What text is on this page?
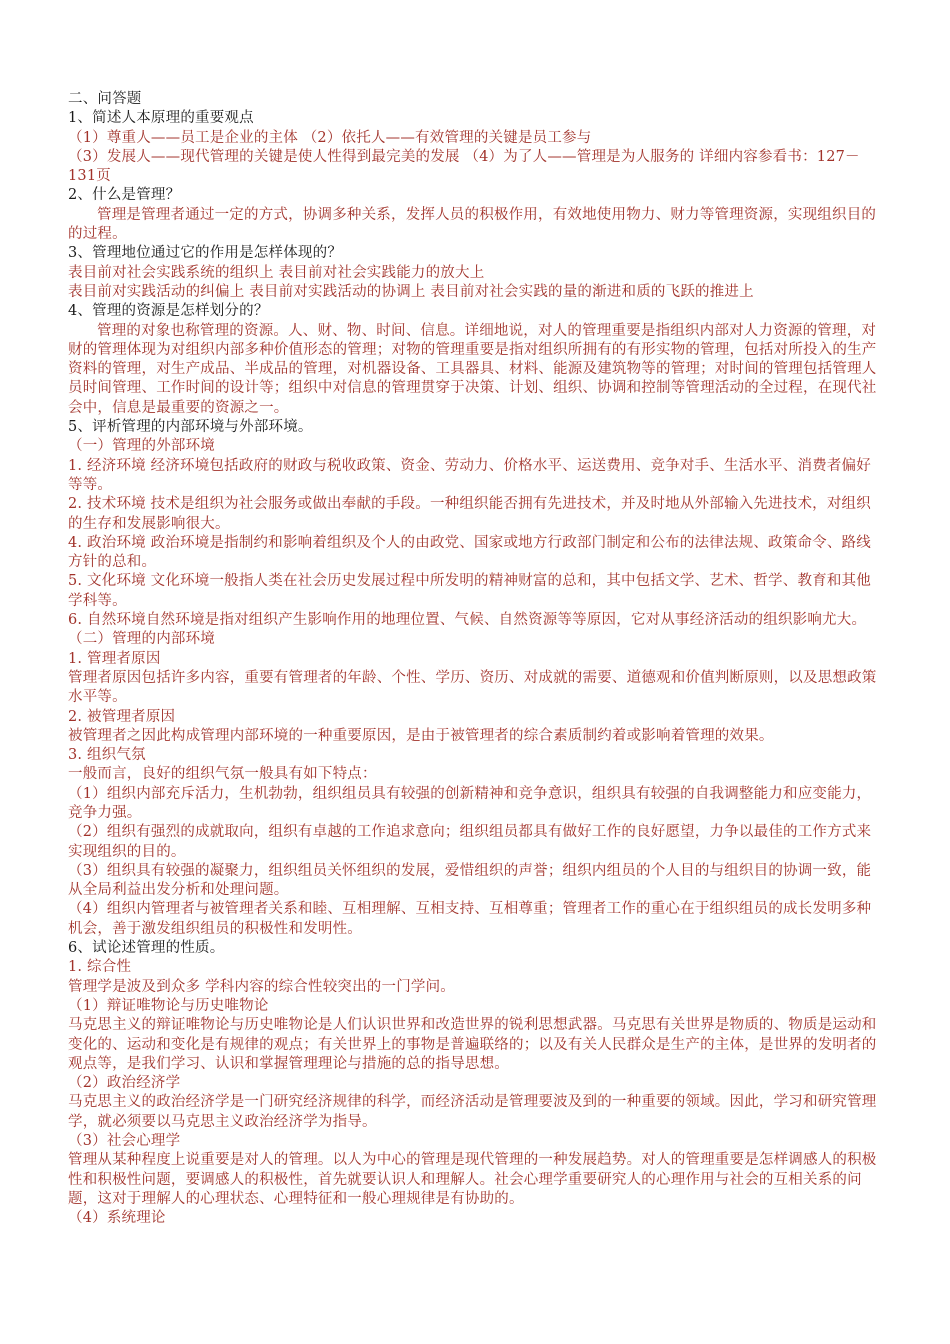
二、问答题
1、简述人本原理的重要观点
（1）尊重人——员工是企业的主体 （2）依托人——有效管理的关键是员工参与
（3）发展人——现代管理的关键是使人性得到最完美的发展 （4）为了人——管理是为人服务的 详细内容参看书：127－131页
2、什么是管理？
管理是管理者通过一定的方式，协调多种关系，发挥人员的积极作用，有效地使用物力、财力等管理资源，实现组织目的的过程。
3、管理地位通过它的作用是怎样体现的？
表目前对社会实践系统的组织上 表目前对社会实践能力的放大上
表目前对实践活动的纠偏上 表目前对实践活动的协调上 表目前对社会实践的量的渐进和质的飞跃的推进上
4、管理的资源是怎样划分的？
管理的对象也称管理的资源。人、财、物、时间、信息。详细地说，对人的管理重要是指组织内部对人力资源的管理，对财的管理体现为对组织内部多种价值形态的管理；对物的管理重要是指对组织所拥有的有形实物的管理，包括对所投入的生产资料的管理，对生产成品、半成品的管理，对机器设备、工具器具、材料、能源及建筑物等的管理；对时间的管理包括管理人员时间管理、工作时间的设计等；组织中对信息的管理贯穿于决策、计划、组织、协调和控制等管理活动的全过程，在现代社会中，信息是最重要的资源之一。
5、评析管理的内部环境与外部环境。
（一）管理的外部环境
1. 经济环境 经济环境包括政府的财政与税收政策、资金、劳动力、价格水平、运送费用、竞争对手、生活水平、消费者偏好等等。
2. 技术环境 技术是组织为社会服务或做出奉献的手段。一种组织能否拥有先进技术，并及时地从外部输入先进技术，对组织的生存和发展影响很大。
4. 政治环境 政治环境是指制约和影响着组织及个人的由政党、国家或地方行政部门制定和公布的法律法规、政策命令、路线方针的总和。
5. 文化环境 文化环境一般指人类在社会历史发展过程中所发明的精神财富的总和，其中包括文学、艺术、哲学、教育和其他学科等。
6. 自然环境自然环境是指对组织产生影响作用的地理位置、气候、自然资源等等原因，它对从事经济活动的组织影响尤大。
（二）管理的内部环境
1. 管理者原因
管理者原因包括许多内容，重要有管理者的年龄、个性、学历、资历、对成就的需要、道德观和价值判断原则，以及思想政策水平等。
2. 被管理者原因
被管理者之因此构成管理内部环境的一种重要原因，是由于被管理者的综合素质制约着或影响着管理的效果。
3. 组织气氛
一般而言，良好的组织气氛一般具有如下特点：
（1）组织内部充斥活力，生机勃勃，组织组员具有较强的创新精神和竞争意识，组织具有较强的自我调整能力和应变能力，竞争力强。
（2）组织有强烈的成就取向，组织有卓越的工作追求意向；组织组员都具有做好工作的良好愿望，力争以最佳的工作方式来实现组织的目的。
（3）组织具有较强的凝聚力，组织组员关怀组织的发展，爱惜组织的声誉；组织内组员的个人目的与组织目的协调一致，能从全局利益出发分析和处理问题。
（4）组织内管理者与被管理者关系和睦、互相理解、互相支持、互相尊重；管理者工作的重心在于组织组员的成长发明多种机会，善于激发组织组员的积极性和发明性。
6、试论述管理的性质。
1. 综合性
管理学是波及到众多 学科内容的综合性较突出的一门学问。
（1）辩证唯物论与历史唯物论
马克思主义的辩证唯物论与历史唯物论是人们认识世界和改造世界的锐利思想武器。马克思有关世界是物质的、物质是运动和变化的、运动和变化是有规律的观点；有关世界上的事物是普遍联络的；以及有关人民群众是生产的主体，是世界的发明者的观点等，是我们学习、认识和掌握管理理论与措施的总的指导思想。
（2）政治经济学
马克思主义的政治经济学是一门研究经济规律的科学，而经济活动是管理要波及到的一种重要的领域。因此，学习和研究管理学，就必须要以马克思主义政治经济学为指导。
（3）社会心理学
管理从某种程度上说重要是对人的管理。以人为中心的管理是现代管理的一种发展趋势。对人的管理重要是怎样调感人的积极性和积极性问题，要调感人的积极性，首先就要认识人和理解人。社会心理学重要研究人的心理作用与社会的互相关系的问题，这对于理解人的心理状态、心理特征和一般心理规律是有协助的。
（4）系统理论
